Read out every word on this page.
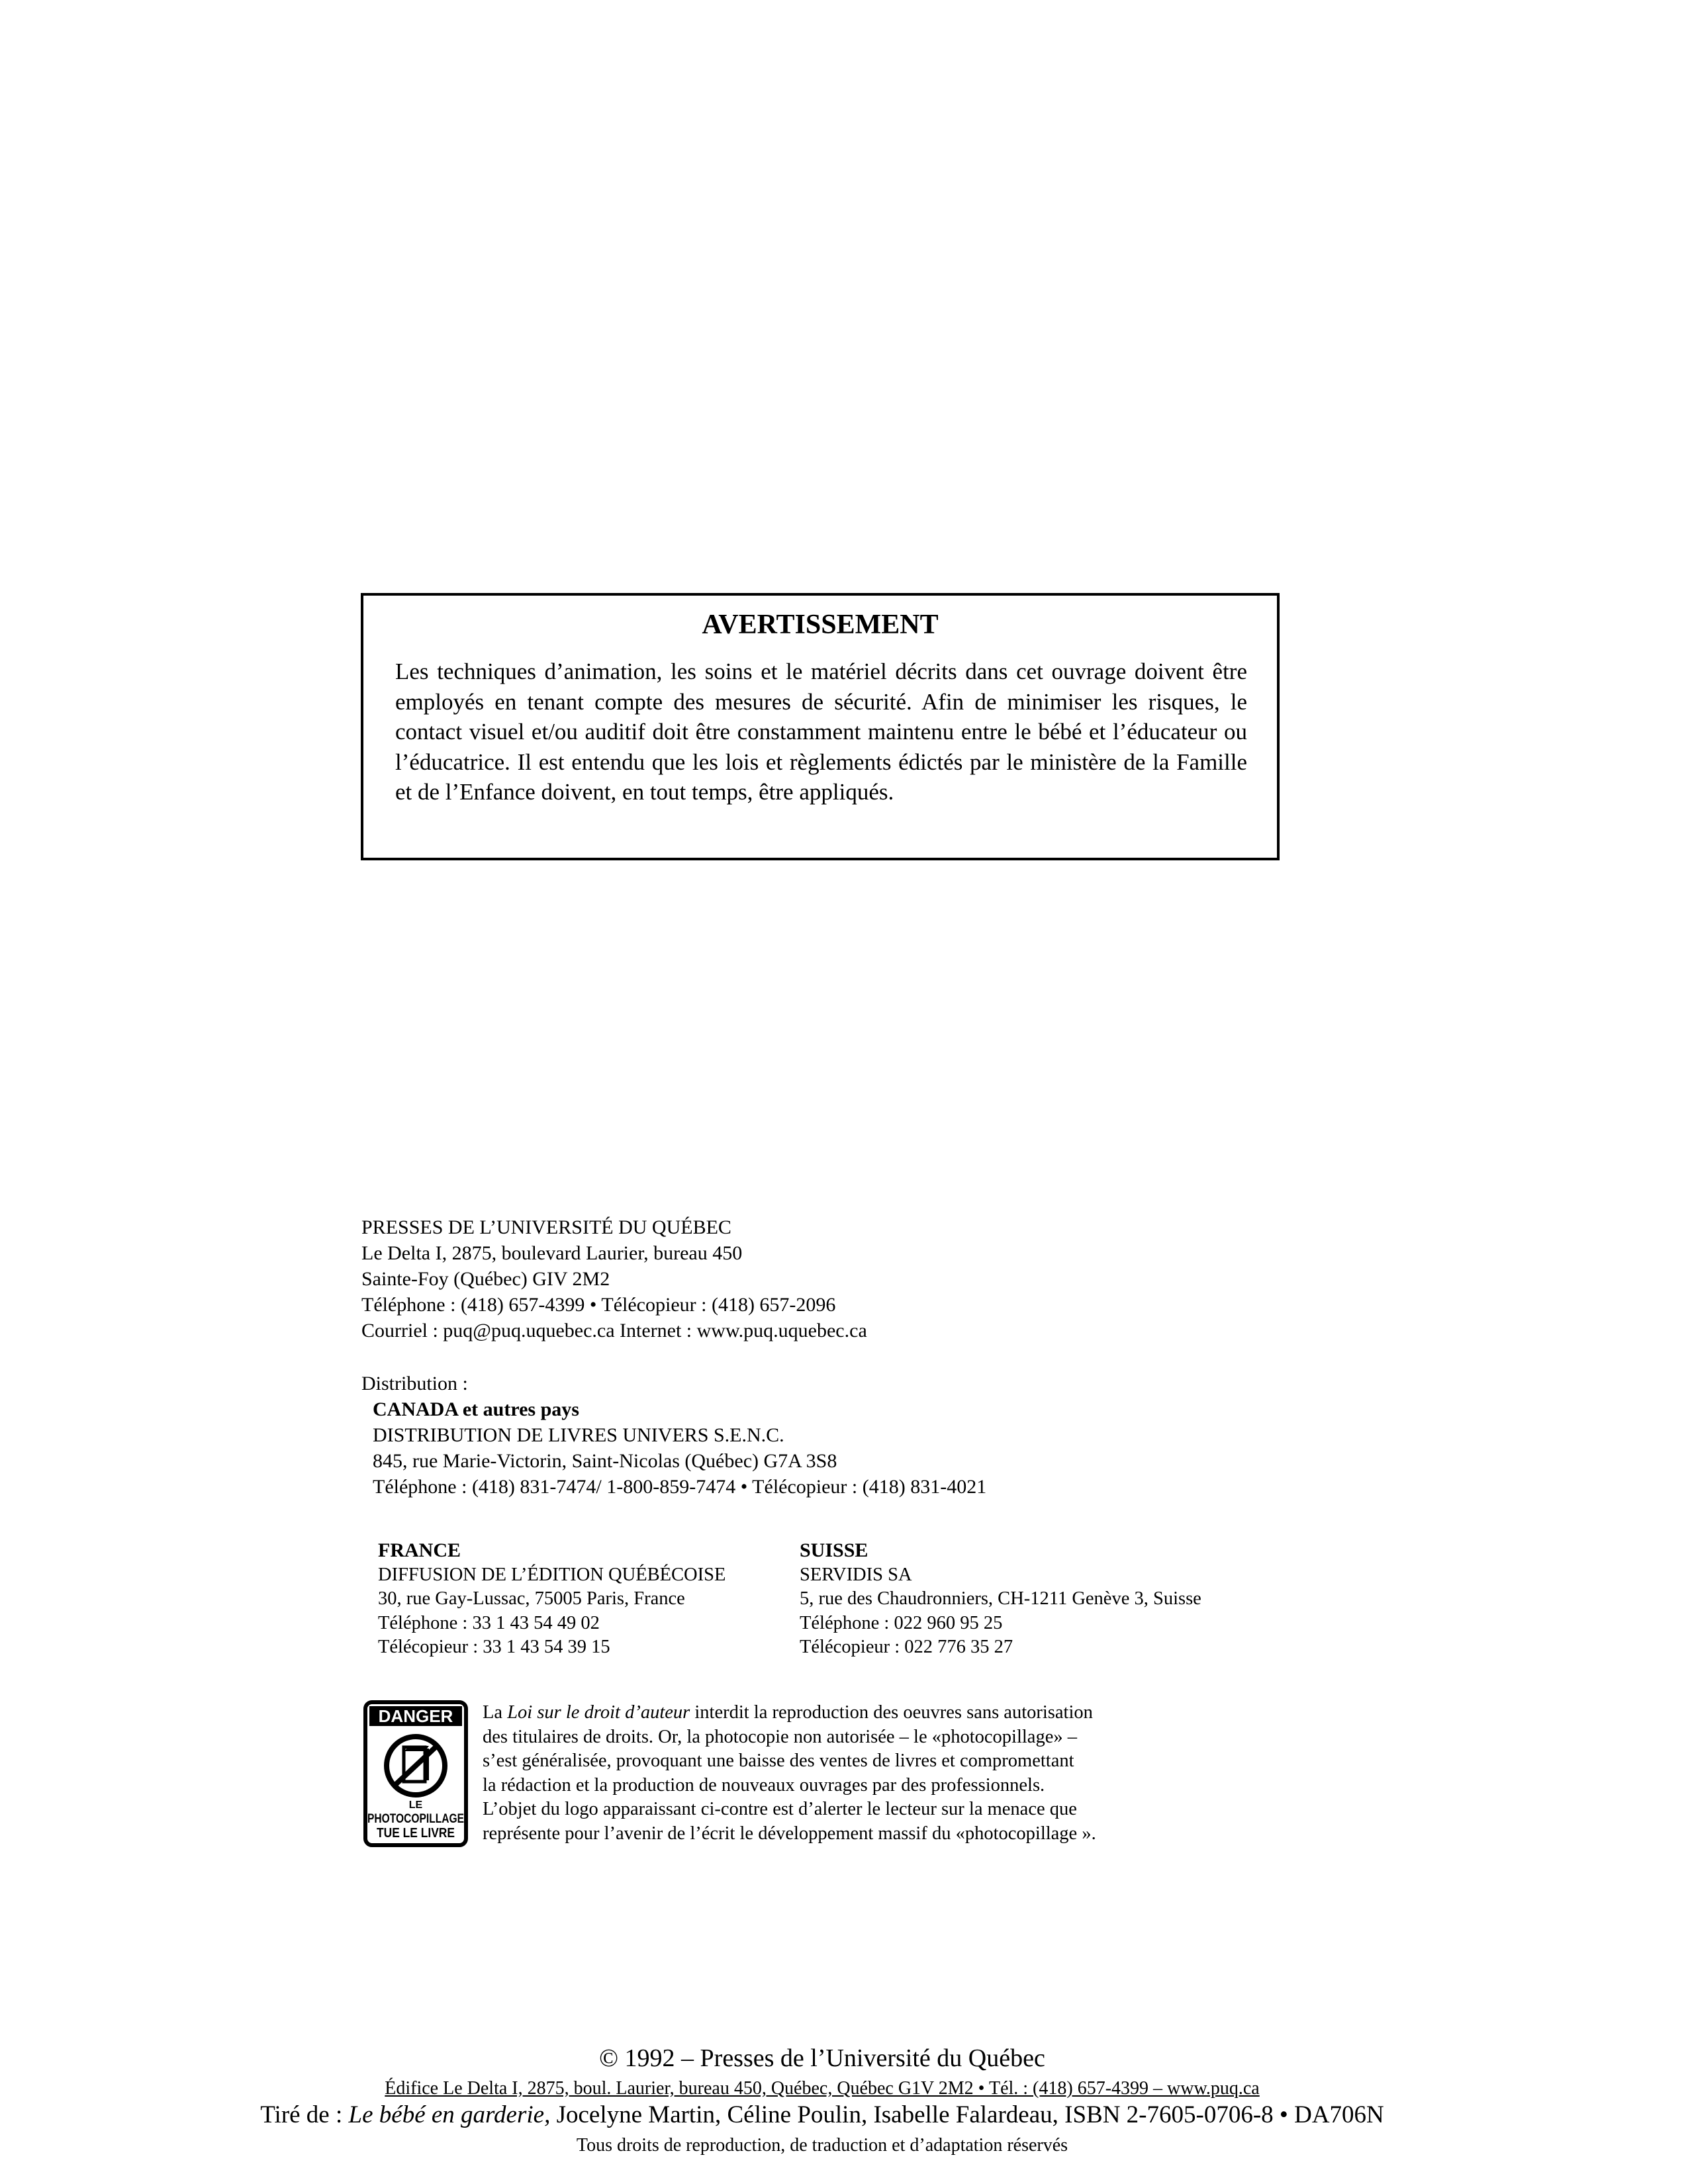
AVERTISSEMENT
Les techniques d’animation, les soins et le matériel décrits dans cet ouvrage doivent être employés en tenant compte des mesures de sécurité. Afin de minimiser les risques, le contact visuel et/ou auditif doit être constamment maintenu entre le bébé et l’éducateur ou l’éducatrice. Il est entendu que les lois et règlements édictés par le ministère de la Famille et de l’Enfance doivent, en tout temps, être appliqués.
PRESSES DE L’UNIVERSITÉ DU QUÉBEC
Le Delta I, 2875, boulevard Laurier, bureau 450
Sainte-Foy (Québec) GIV 2M2
Téléphone : (418) 657-4399 • Télécopieur : (418) 657-2096
Courriel : puq@puq.uquebec.ca Internet : www.puq.uquebec.ca
Distribution :
CANADA et autres pays
DISTRIBUTION DE LIVRES UNIVERS S.E.N.C.
845, rue Marie-Victorin, Saint-Nicolas (Québec) G7A 3S8
Téléphone : (418) 831-7474/ 1-800-859-7474 • Télécopieur : (418) 831-4021
FRANCE
DIFFUSION DE L’ÉDITION QUÉBÉCOISE
30, rue Gay-Lussac, 75005 Paris, France
Téléphone : 33 1 43 54 49 02
Télécopieur : 33 1 43 54 39 15
SUISSE
SERVIDIS SA
5, rue des Chaudronniers, CH-1211 Genève 3, Suisse
Téléphone : 022 960 95 25
Télécopieur : 022 776 35 27
DANGER
LE
PHOTOCOPILLAGE
TUE LE LIVRE
La Loi sur le droit d’auteur interdit la reproduction des oeuvres sans autorisation
des titulaires de droits. Or, la photocopie non autorisée – le «photocopillage» –
s’est généralisée, provoquant une baisse des ventes de livres et compromettant
la rédaction et la production de nouveaux ouvrages par des professionnels.
L’objet du logo apparaissant ci-contre est d’alerter le lecteur sur la menace que
représente pour l’avenir de l’écrit le développement massif du «photocopillage ».
© 1992 – Presses de l’Université du Québec
Édifice Le Delta I, 2875, boul. Laurier, bureau 450, Québec, Québec G1V 2M2 • Tél. : (418) 657-4399 – www.puq.ca
Tiré de : Le bébé en garderie, Jocelyne Martin, Céline Poulin, Isabelle Falardeau, ISBN 2-7605-0706-8 • DA706N
Tous droits de reproduction, de traduction et d’adaptation réservés
